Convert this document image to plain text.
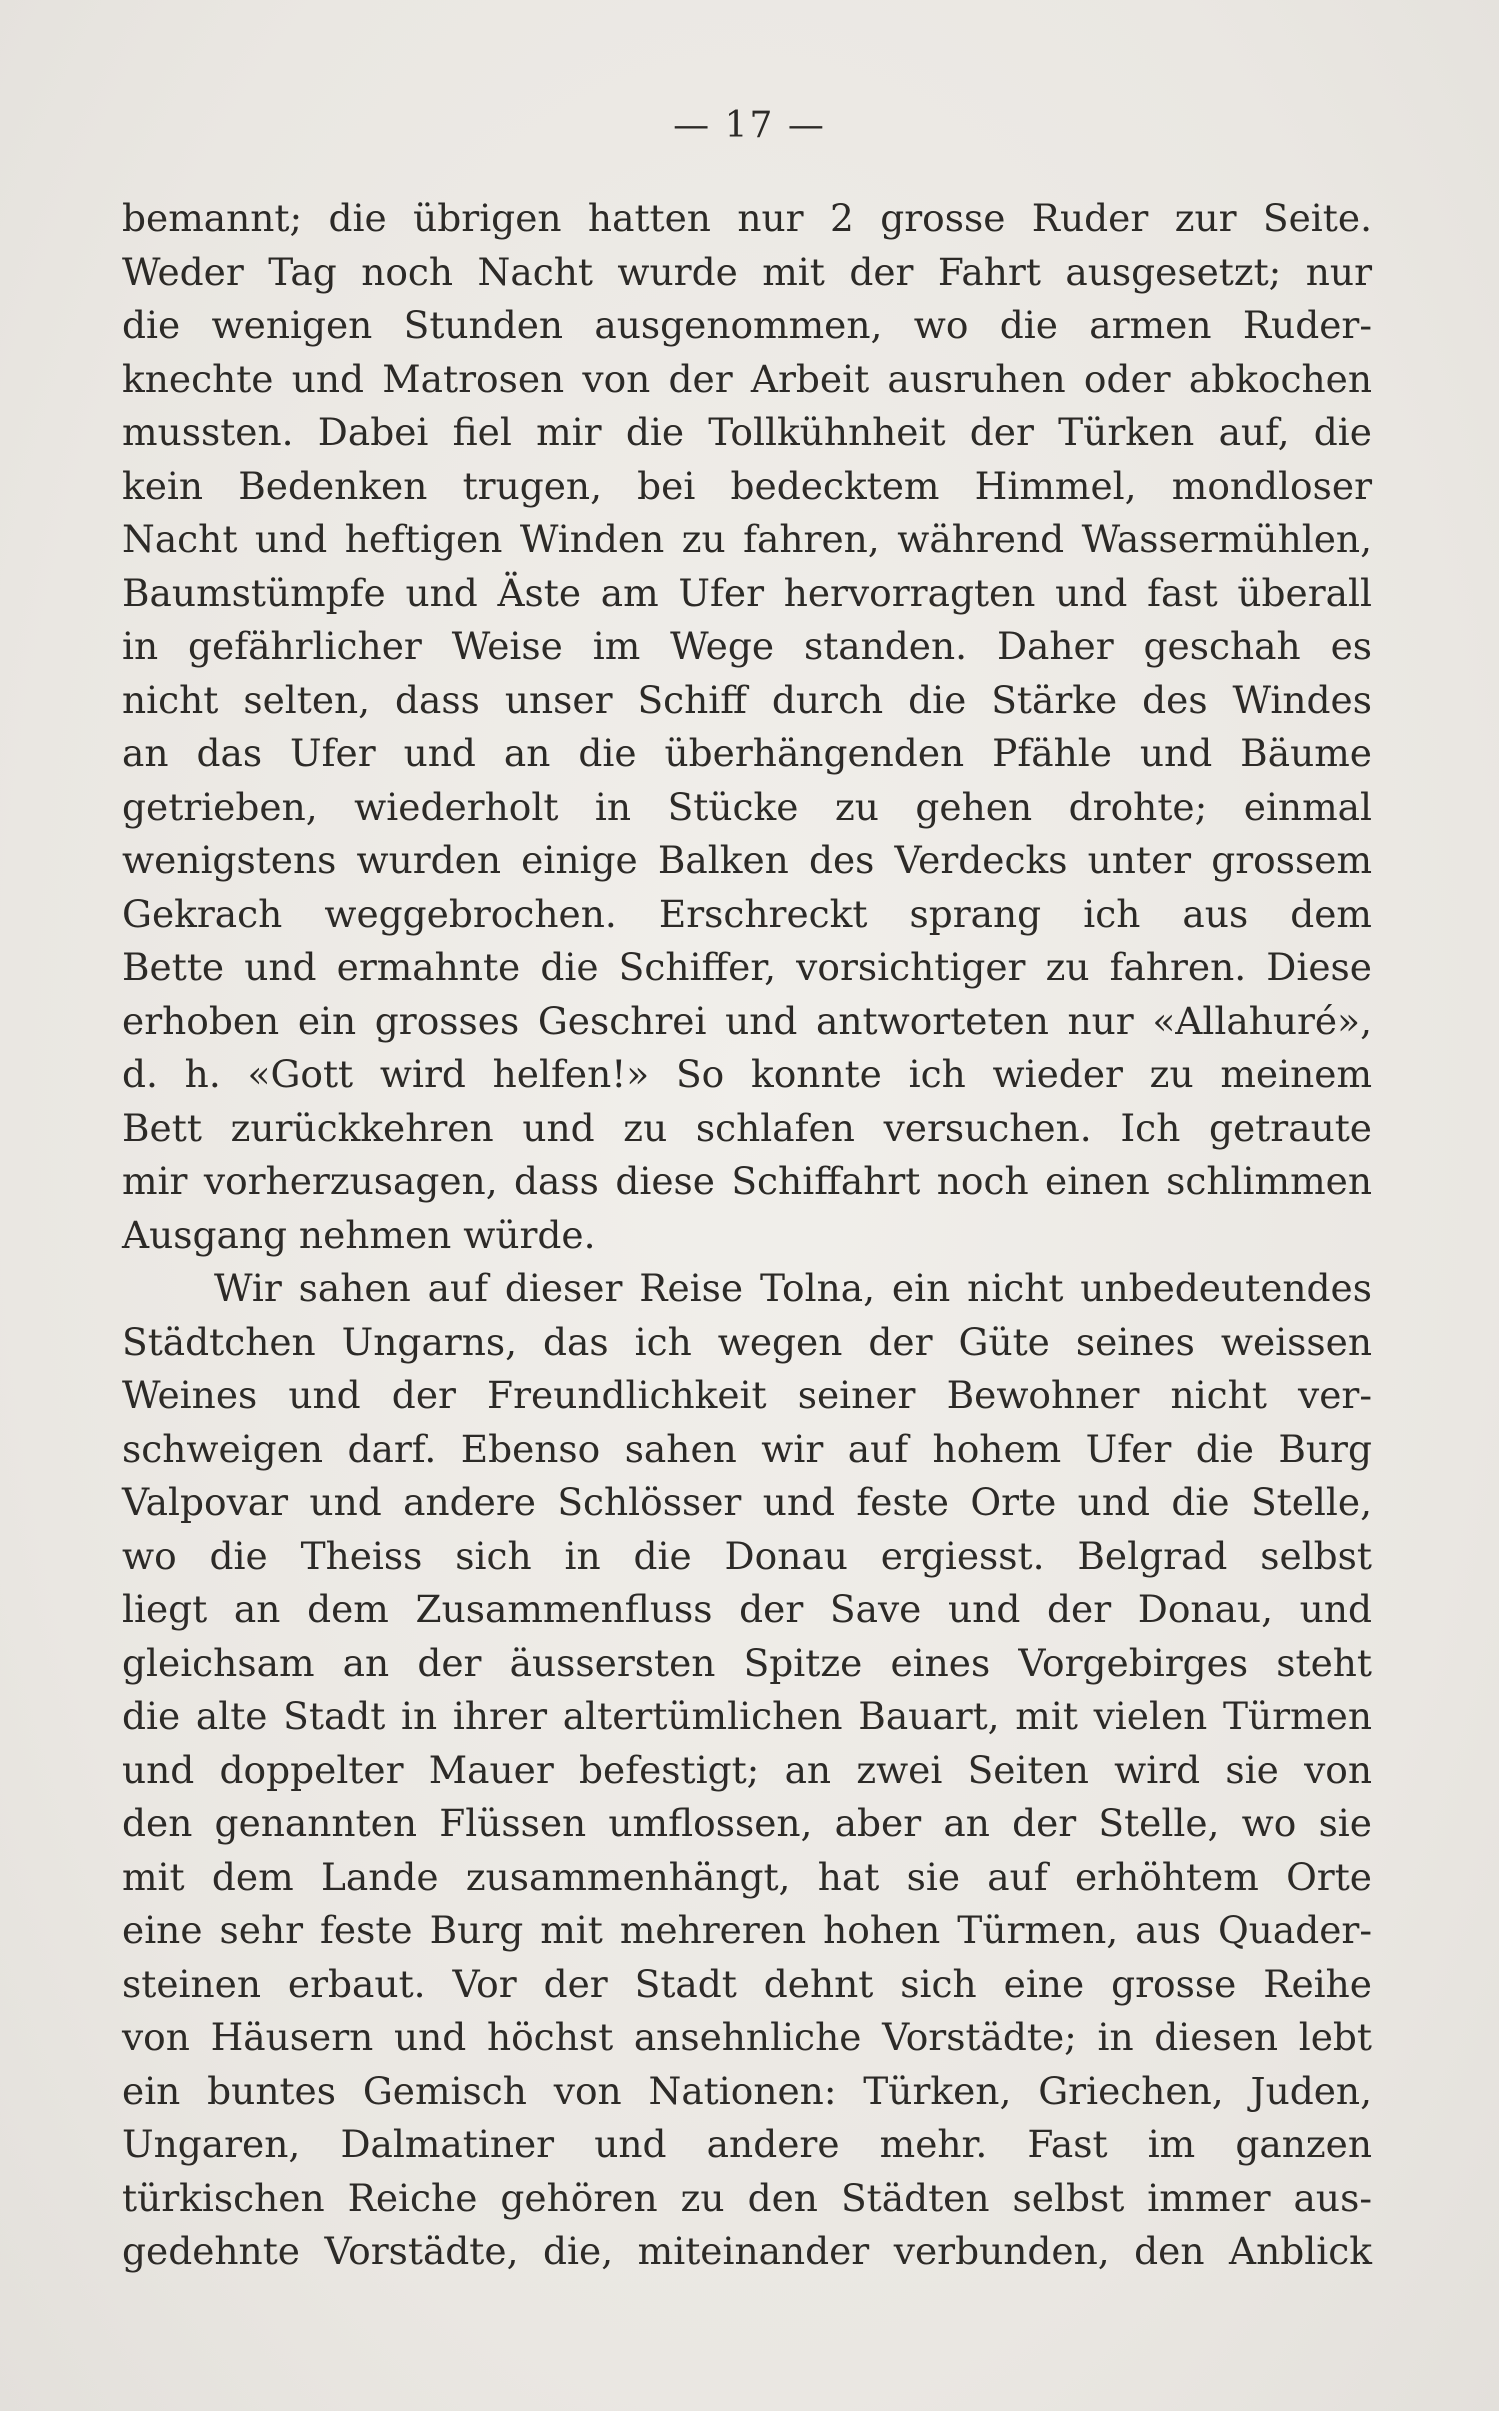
— 17 —
bemannt; die übrigen hatten nur 2 grosse Ruder zur Seite.
Weder Tag noch Nacht wurde mit der Fahrt ausgesetzt; nur
die wenigen Stunden ausgenommen, wo die armen Ruder-
knechte und Matrosen von der Arbeit ausruhen oder abkochen
mussten. Dabei fiel mir die Tollkühnheit der Türken auf, die
kein Bedenken trugen, bei bedecktem Himmel, mondloser
Nacht und heftigen Winden zu fahren, während Wassermühlen,
Baumstümpfe und Äste am Ufer hervorragten und fast überall
in gefährlicher Weise im Wege standen. Daher geschah es
nicht selten, dass unser Schiff durch die Stärke des Windes
an das Ufer und an die überhängenden Pfähle und Bäume
getrieben, wiederholt in Stücke zu gehen drohte; einmal
wenigstens wurden einige Balken des Verdecks unter grossem
Gekrach weggebrochen. Erschreckt sprang ich aus dem
Bette und ermahnte die Schiffer, vorsichtiger zu fahren. Diese
erhoben ein grosses Geschrei und antworteten nur «Allahuré»,
d. h. «Gott wird helfen!» So konnte ich wieder zu meinem
Bett zurückkehren und zu schlafen versuchen. Ich getraute
mir vorherzusagen, dass diese Schiffahrt noch einen schlimmen
Ausgang nehmen würde.
Wir sahen auf dieser Reise Tolna, ein nicht unbedeutendes
Städtchen Ungarns, das ich wegen der Güte seines weissen
Weines und der Freundlichkeit seiner Bewohner nicht ver-
schweigen darf. Ebenso sahen wir auf hohem Ufer die Burg
Valpovar und andere Schlösser und feste Orte und die Stelle,
wo die Theiss sich in die Donau ergiesst. Belgrad selbst
liegt an dem Zusammenfluss der Save und der Donau, und
gleichsam an der äussersten Spitze eines Vorgebirges steht
die alte Stadt in ihrer altertümlichen Bauart, mit vielen Türmen
und doppelter Mauer befestigt; an zwei Seiten wird sie von
den genannten Flüssen umflossen, aber an der Stelle, wo sie
mit dem Lande zusammenhängt, hat sie auf erhöhtem Orte
eine sehr feste Burg mit mehreren hohen Türmen, aus Quader-
steinen erbaut. Vor der Stadt dehnt sich eine grosse Reihe
von Häusern und höchst ansehnliche Vorstädte; in diesen lebt
ein buntes Gemisch von Nationen: Türken, Griechen, Juden,
Ungaren, Dalmatiner und andere mehr. Fast im ganzen
türkischen Reiche gehören zu den Städten selbst immer aus-
gedehnte Vorstädte, die, miteinander verbunden, den Anblick
